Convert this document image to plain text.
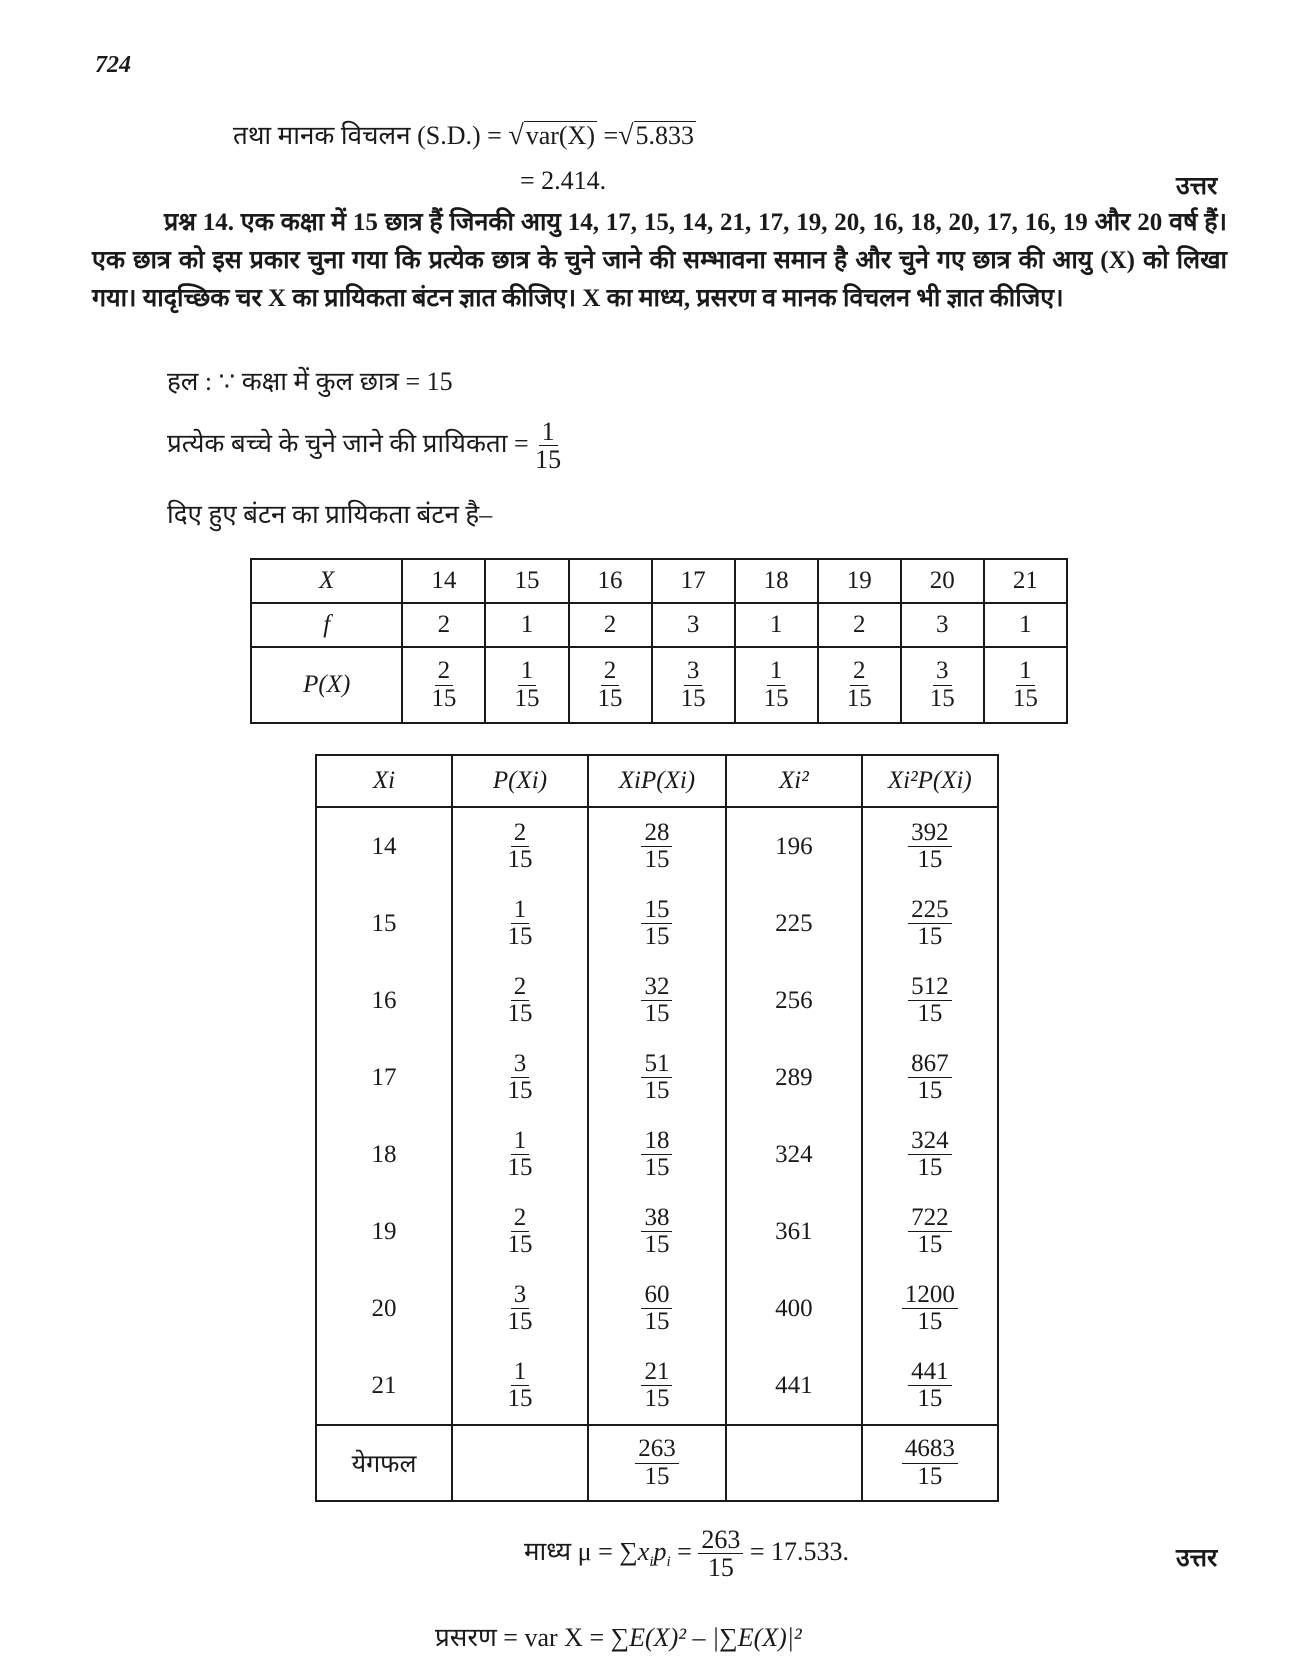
724
तथा मानक विचलन (S.D.) = √var(X) =√5.833
= 2.414.	उत्तर
प्रश्न 14. एक कक्षा में 15 छात्र हैं जिनकी आयु 14, 17, 15, 14, 21, 17, 19, 20, 16, 18, 20, 17, 16, 19 और 20 वर्ष हैं। एक छात्र को इस प्रकार चुना गया कि प्रत्येक छात्र के चुने जाने की सम्भावना समान है और चुने गए छात्र की आयु (X) को लिखा गया। यादृच्छिक चर X का प्रायिकता बंटन ज्ञात कीजिए। X का माध्य, प्रसरण व मानक विचलन भी ज्ञात कीजिए।
हल : ∵ कक्षा में कुल छात्र = 15
प्रत्येक बच्चे के चुने जाने की प्रायिकता = $\frac{1}{15}$
दिए हुए बंटन का प्रायिकता बंटन है–
X	14	15	16	17	18	19	20	21
f	2	1	2	3	1	2	3	1
P(X)	$\frac{2}{15}$	$\frac{1}{15}$	$\frac{2}{15}$	$\frac{3}{15}$	$\frac{1}{15}$	$\frac{2}{15}$	$\frac{3}{15}$	$\frac{1}{15}$
Xi	P(Xi)	XiP(Xi)	Xi²	Xi²P(Xi)
14	$\frac{2}{15}$	$\frac{28}{15}$	196	$\frac{392}{15}$

15	$\frac{1}{15}$	$\frac{15}{15}$	225	$\frac{225}{15}$

16	$\frac{2}{15}$	$\frac{32}{15}$	256	$\frac{512}{15}$

17	$\frac{3}{15}$	$\frac{51}{15}$	289	$\frac{867}{15}$

18	$\frac{1}{15}$	$\frac{18}{15}$	324	$\frac{324}{15}$

19	$\frac{2}{15}$	$\frac{38}{15}$	361	$\frac{722}{15}$

20	$\frac{3}{15}$	$\frac{60}{15}$	400	$\frac{1200}{15}$

21	$\frac{1}{15}$	$\frac{21}{15}$	441	$\frac{441}{15}$

येगफल		$\frac{263}{15}$		$\frac{4683}{15}$
माध्य $\mu = \sum x_ip_i = \frac{263}{15} = 17.533$.	उत्तर
प्रसरण = var X = ∑E(X)² – |∑E(X)|²
